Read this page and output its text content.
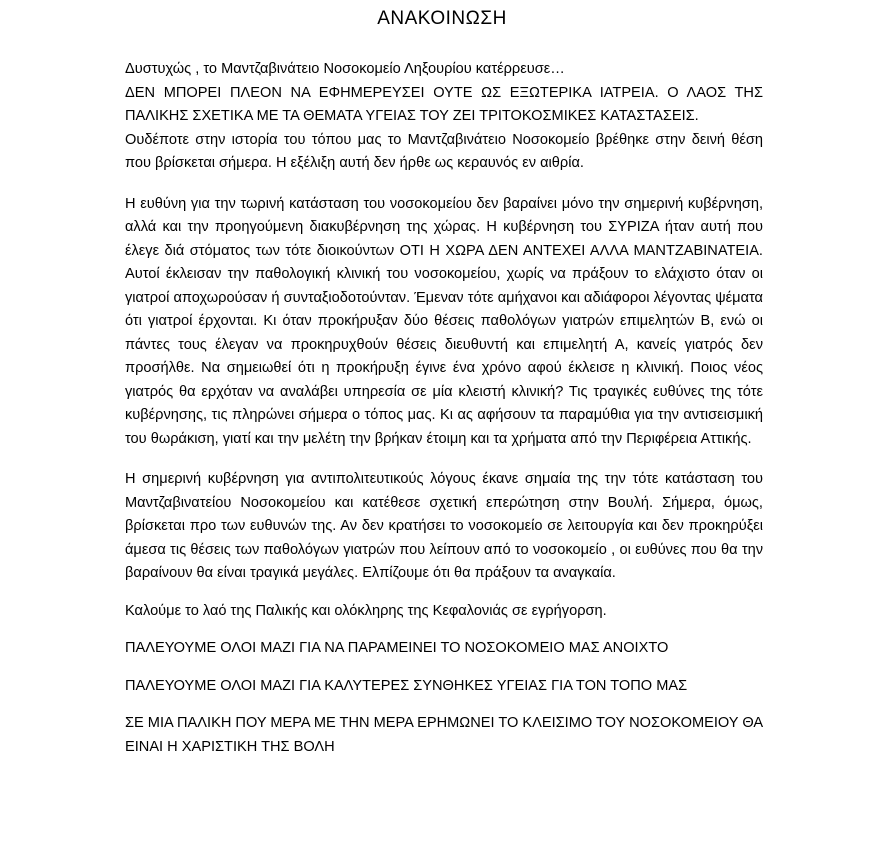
ΑΝΑΚΟΙΝΩΣΗ

Δυστυχώς , το Μαντζαβινάτειο Νοσοκομείο Ληξουρίου κατέρρευσε…

ΔΕΝ ΜΠΟΡΕΙ ΠΛΕΟΝ ΝΑ ΕΦΗΜΕΡΕΥΣΕΙ ΟΥΤΕ ΩΣ ΕΞΩΤΕΡΙΚΑ ΙΑΤΡΕΙΑ. Ο ΛΑΟΣ ΤΗΣ ΠΑΛΙΚΗΣ ΣΧΕΤΙΚΑ ΜΕ ΤΑ ΘΕΜΑΤΑ ΥΓΕΙΑΣ ΤΟΥ ΖΕΙ ΤΡΙΤΟΚΟΣΜΙΚΕΣ ΚΑΤΑΣΤΑΣΕΙΣ.

Ουδέποτε στην ιστορία του τόπου μας το Μαντζαβινάτειο Νοσοκομείο βρέθηκε στην δεινή θέση που βρίσκεται σήμερα. Η εξέλιξη αυτή δεν ήρθε ως κεραυνός εν αιθρία.

Η ευθύνη για την τωρινή κατάσταση του νοσοκομείου δεν βαραίνει μόνο την σημερινή κυβέρνηση, αλλά και την προηγούμενη διακυβέρνηση της χώρας. Η κυβέρνηση του ΣΥΡΙΖΑ ήταν αυτή που έλεγε διά στόματος των τότε διοικούντων ΟΤΙ Η ΧΩΡΑ ΔΕΝ ΑΝΤΕΧΕΙ ΑΛΛΑ ΜΑΝΤΖΑΒΙΝΑΤΕΙΑ. Αυτοί έκλεισαν την παθολογική κλινική του νοσοκομείου, χωρίς να πράξουν το ελάχιστο όταν οι γιατροί αποχωρούσαν ή συνταξιοδοτούνταν. Έμεναν τότε αμήχανοι και αδιάφοροι λέγοντας ψέματα ότι γιατροί έρχονται. Κι όταν προκήρυξαν δύο θέσεις παθολόγων γιατρών επιμελητών Β, ενώ οι πάντες τους έλεγαν να προκηρυχθούν θέσεις διευθυντή και επιμελητή Α, κανείς γιατρός δεν προσήλθε. Να σημειωθεί ότι η προκήρυξη έγινε ένα χρόνο αφού έκλεισε η κλινική. Ποιος νέος γιατρός θα ερχόταν να αναλάβει υπηρεσία σε μία κλειστή κλινική? Τις τραγικές ευθύνες της τότε κυβέρνησης, τις πληρώνει σήμερα ο τόπος μας. Κι ας αφήσουν τα παραμύθια για την αντισεισμική του θωράκιση, γιατί και την μελέτη την βρήκαν έτοιμη και τα χρήματα από την Περιφέρεια Αττικής.

Η σημερινή κυβέρνηση για αντιπολιτευτικούς λόγους έκανε σημαία της την τότε κατάσταση του Μαντζαβινατείου Νοσοκομείου και κατέθεσε σχετική επερώτηση στην Βουλή. Σήμερα, όμως, βρίσκεται προ των ευθυνών της. Αν δεν κρατήσει το νοσοκομείο σε λειτουργία και δεν προκηρύξει άμεσα τις θέσεις των παθολόγων γιατρών που λείπουν από το νοσοκομείο , οι ευθύνες που θα την βαραίνουν θα είναι τραγικά μεγάλες. Ελπίζουμε ότι θα πράξουν τα αναγκαία.

Καλούμε το λαό της Παλικής και ολόκληρης της Κεφαλονιάς σε εγρήγορση.

ΠΑΛΕΥΟΥΜΕ ΟΛΟΙ ΜΑΖΙ ΓΙΑ ΝΑ ΠΑΡΑΜΕΙΝΕΙ ΤΟ ΝΟΣΟΚΟΜΕΙΟ ΜΑΣ ΑΝΟΙΧΤΟ

ΠΑΛΕΥΟΥΜΕ ΟΛΟΙ ΜΑΖΙ ΓΙΑ ΚΑΛΥΤΕΡΕΣ ΣΥΝΘΗΚΕΣ ΥΓΕΙΑΣ ΓΙΑ ΤΟΝ ΤΟΠΟ ΜΑΣ

ΣΕ ΜΙΑ ΠΑΛΙΚΗ ΠΟΥ ΜΕΡΑ ΜΕ ΤΗΝ ΜΕΡΑ ΕΡΗΜΩΝΕΙ ΤΟ ΚΛΕΙΣΙΜΟ ΤΟΥ ΝΟΣΟΚΟΜΕΙΟΥ ΘΑ ΕΙΝΑΙ Η ΧΑΡΙΣΤΙΚΗ ΤΗΣ ΒΟΛΗ
